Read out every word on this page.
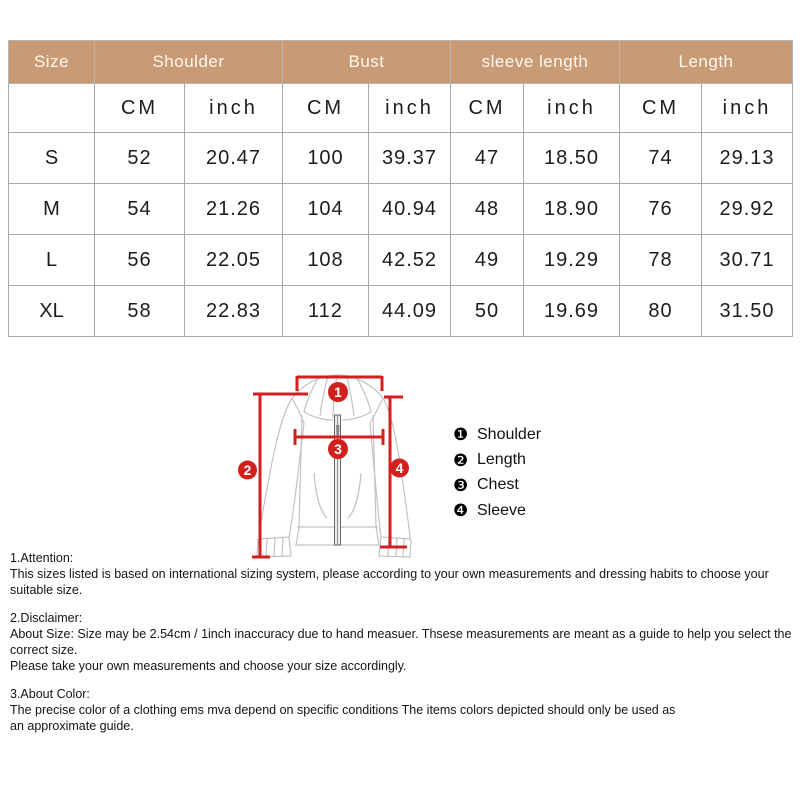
Size	Shoulder		Bust		sleeve length		Length	
	CM	inch	CM	inch	CM	inch	CM	inch
S	52	20.47	100	39.37	47	18.50	74	29.13
M	54	21.26	104	40.94	48	18.90	76	29.92
L	56	22.05	108	42.52	49	19.29	78	30.71
XL	58	22.83	112	44.09	50	19.69	80	31.50
1
2
3
4
❶ Shoulder
❷ Length
❸ Chest
❹ Sleeve
1.Attention:
This sizes listed is based on international sizing system, please according to your own measurements and dressing habits to choose your suitable size.
2.Disclaimer:
About Size: Size may be 2.54cm / 1inch inaccuracy due to hand measuer. Thsese measurements are meant as a guide to help you select the correct size.
Please take your own measurements and choose your size accordingly.
3.About Color:
The precise color of a clothing ems mva depend on specific conditions The items colors depicted should only be used as
an approximate guide.
